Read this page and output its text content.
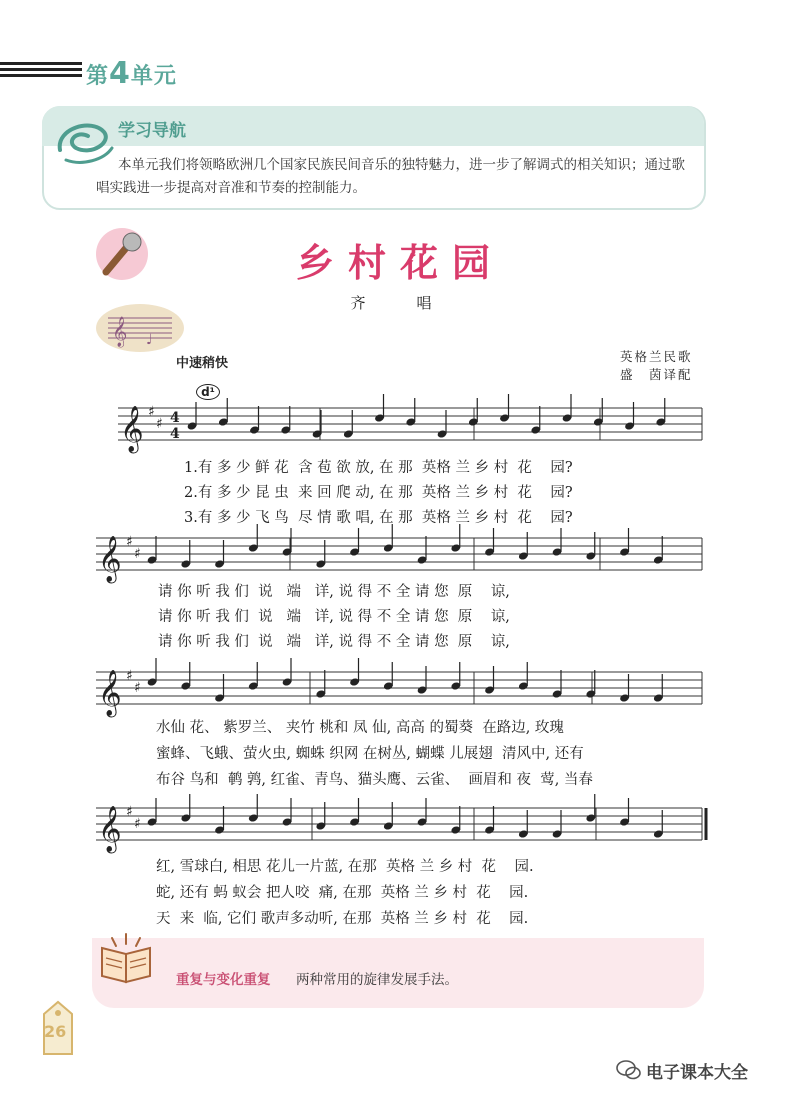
第4单元
学习导航
本单元我们将领略欧洲几个国家民族民间音乐的独特魅力，进一步了解调式的相关知识；通过歌唱实践进一步提高对音准和节奏的控制能力。
乡村花园
齐　唱
𝄞 ♩
中速稍快	英格兰民歌
盛　茵译配
d¹
𝄞 ♯
♯ 4
4
𝄞 ♯
♯
𝄞 ♯
♯
𝄞 ♯
♯
1.有 多 少 鲜 花  含 苞 欲 放, 在 那  英格 兰 乡 村  花    园?
2.有 多 少 昆 虫  来 回 爬 动, 在 那  英格 兰 乡 村  花    园?
3.有 多 少 飞 鸟  尽 情 歌 唱, 在 那  英格 兰 乡 村  花    园?
请 你 听 我 们  说   端   详, 说 得 不 全 请 您  原    谅,
请 你 听 我 们  说   端   详, 说 得 不 全 请 您  原    谅,
请 你 听 我 们  说   端   详, 说 得 不 全 请 您  原    谅,
水仙 花、 紫罗兰、 夹竹 桃和 凤 仙, 高高 的蜀葵  在路边, 玫瑰
蜜蜂、飞蛾、萤火虫, 蜘蛛 织网 在树丛, 蝴蝶 儿展翅  清风中, 还有
布谷 鸟和  鹌 鹑, 红雀、青鸟、猫头鹰、云雀、  画眉和 夜  莺, 当春
红, 雪球白, 相思 花儿一片蓝, 在那  英格 兰 乡 村  花    园.
蛇, 还有 蚂 蚁会 把人咬  痛, 在那  英格 兰 乡 村  花    园.
天  来  临, 它们 歌声多动听, 在那  英格 兰 乡 村  花    园.
重复与变化重复 两种常用的旋律发展手法。
26
电子课本大全
